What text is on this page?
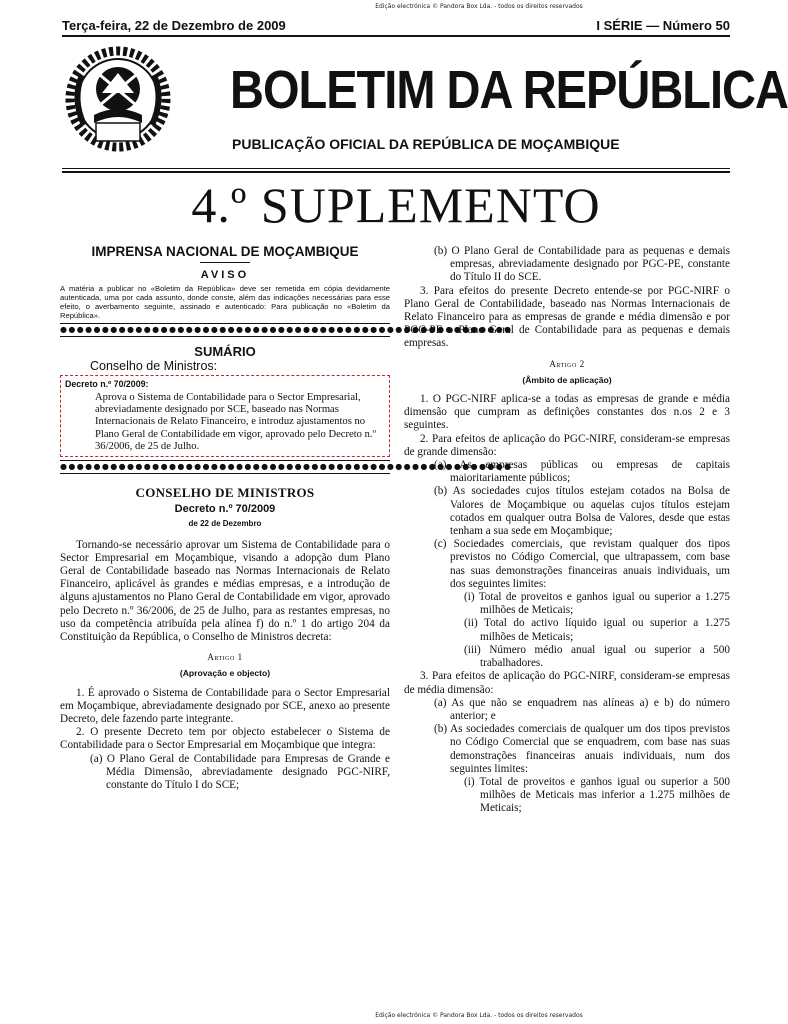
Edição electrónica © Pandora Box Lda. - todos os direitos reservados
Terça-feira, 22 de Dezembro de 2009	I SÉRIE — Número 50
BOLETIM DA REPÚBLICA
PUBLICAÇÃO OFICIAL DA REPÚBLICA DE MOÇAMBIQUE
4.º SUPLEMENTO

IMPRENSA NACIONAL DE MOÇAMBIQUE

AVISO

A matéria a publicar no «Boletim da República» deve ser remetida em cópia devidamente autenticada, uma por cada assunto, donde conste, além das indicações necessárias para esse efeito, o averbamento seguinte, assinado e autenticado: Para publicação no «Boletim da República».

●●●●●●●●●●●●●●●●●●●●●●●●●●●●●●●●●●●●●●●●●●●●●●●●●●●●●●

SUMÁRIO

Conselho de Ministros:

Decreto n.º 70/2009:

Aprova o Sistema de Contabilidade para o Sector Empresarial, abreviadamente designado por SCE, baseado nas Normas Internacionais de Relato Financeiro, e introduz ajustamentos no Plano Geral de Contabilidade em vigor, aprovado pelo Decreto n.º 36/2006, de 25 de Julho.

●●●●●●●●●●●●●●●●●●●●●●●●●●●●●●●●●●●●●●●●●●●●●●●●●●●●●●

CONSELHO DE MINISTROS

Decreto n.º 70/2009

de 22 de Dezembro

Tornando-se necessário aprovar um Sistema de Contabilidade para o Sector Empresarial em Moçambique, visando a adopção dum Plano Geral de Contabilidade baseado nas Normas Internacionais de Relato Financeiro, aplicável às grandes e médias empresas, e a introdução de alguns ajustamentos no Plano Geral de Contabilidade em vigor, aprovado pelo Decreto n.º 36/2006, de 25 de Julho, para as restantes empresas, no uso da competência atribuída pela alínea f) do n.º 1 do artigo 204 da Constituição da República, o Conselho de Ministros decreta:

Artigo 1

(Aprovação e objecto)

1. É aprovado o Sistema de Contabilidade para o Sector Empresarial em Moçambique, abreviadamente designado por SCE, anexo ao presente Decreto, dele fazendo parte integrante.

2. O presente Decreto tem por objecto estabelecer o Sistema de Contabilidade para o Sector Empresarial em Moçambique que integra:

(a) O Plano Geral de Contabilidade para Empresas de Grande e Média Dimensão, abreviadamente designado PGC-NIRF, constante do Título I do SCE;

(b) O Plano Geral de Contabilidade para as pequenas e demais empresas, abreviadamente designado por PGC-PE, constante do Título II do SCE.

3. Para efeitos do presente Decreto entende-se por PGC-NIRF o Plano Geral de Contabilidade, baseado nas Normas Internacionais de Relato Financeiro para as empresas de grande e média dimensão e por PGC-PE o Plano Geral de Contabilidade para as pequenas e demais empresas.

Artigo 2

(Âmbito de aplicação)

1. O PGC-NIRF aplica-se a todas as empresas de grande e média dimensão que cumpram as definições constantes dos n.os 2 e 3 seguintes.

2. Para efeitos de aplicação do PGC-NIRF, consideram-se empresas de grande dimensão:

(a) As empresas públicas ou empresas de capitais maioritariamente públicos;

(b) As sociedades cujos títulos estejam cotados na Bolsa de Valores de Moçambique ou aquelas cujos títulos estejam cotados em qualquer outra Bolsa de Valores, desde que estas tenham a sua sede em Moçambique;

(c) Sociedades comerciais, que revistam qualquer dos tipos previstos no Código Comercial, que ultrapassem, com base nas suas demonstrações financeiras anuais individuais, um dos seguintes limites:

(i) Total de proveitos e ganhos igual ou superior a 1.275 milhões de Meticais;

(ii) Total do activo líquido igual ou superior a 1.275 milhões de Meticais;

(iii) Número médio anual igual ou superior a 500 trabalhadores.

3. Para efeitos de aplicação do PGC-NIRF, consideram-se empresas de média dimensão:

(a) As que não se enquadrem nas alíneas a) e b) do número anterior; e

(b) As sociedades comerciais de qualquer um dos tipos previstos no Código Comercial que se enquadrem, com base nas suas demonstrações financeiras anuais individuais, num dos seguintes limites:

(i) Total de proveitos e ganhos igual ou superior a 500 milhões de Meticais mas inferior a 1.275 milhões de Meticais;

Edição electrónica © Pandora Box Lda. - todos os direitos reservados
